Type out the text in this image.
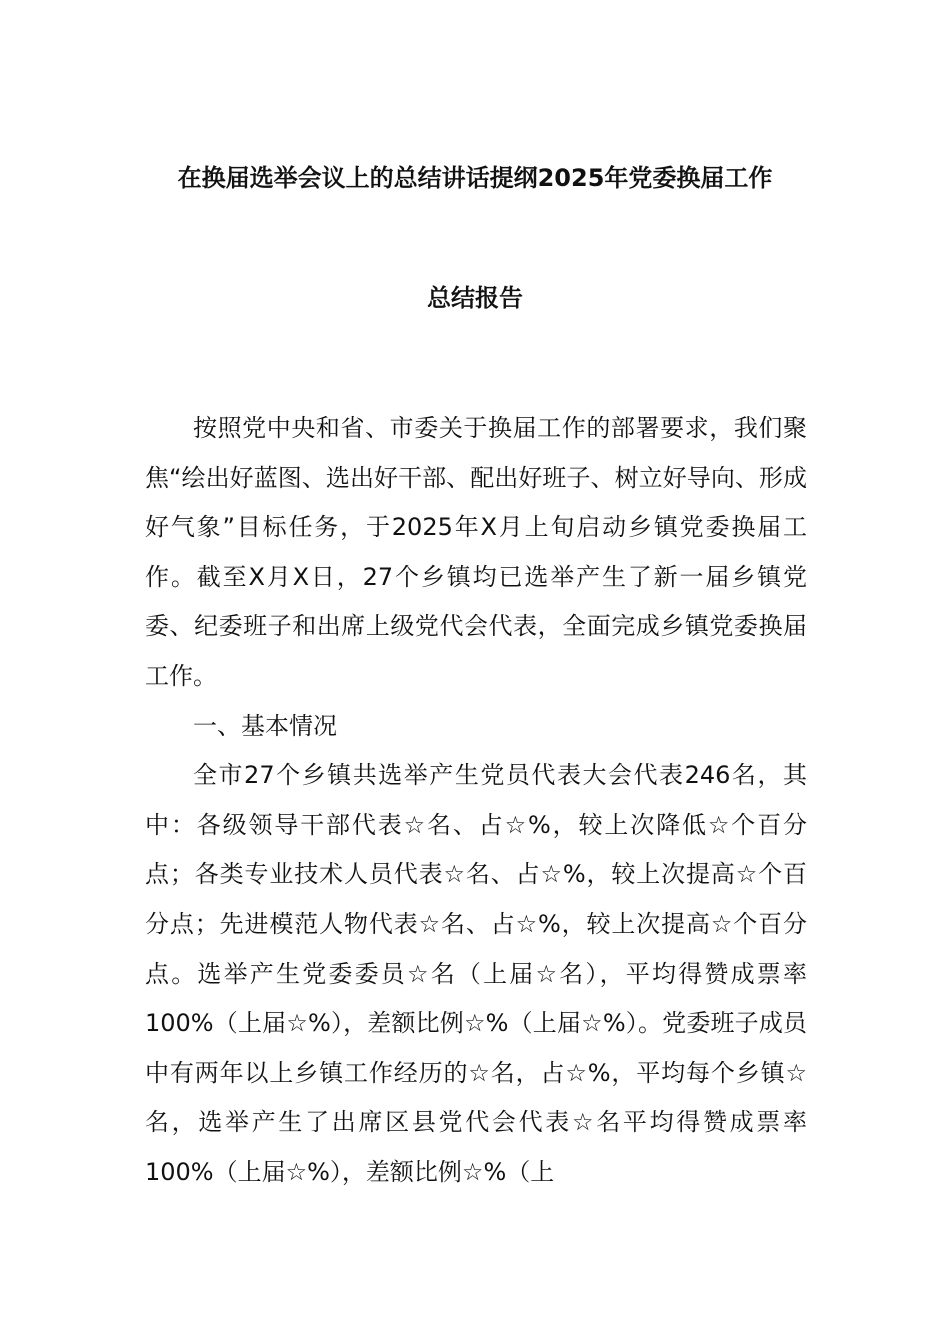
在换届选举会议上的总结讲话提纲2025年党委换届工作
总结报告

按照党中央和省、市委关于换届工作的部署要求，我们聚焦“绘出好蓝图、选出好干部、配出好班子、树立好导向、形成好气象”目标任务，于2025年X月上旬启动乡镇党委换届工作。截至X月X日，27个乡镇均已选举产生了新一届乡镇党委、纪委班子和出席上级党代会代表，全面完成乡镇党委换届工作。

一、基本情况

全市27个乡镇共选举产生党员代表大会代表246名，其中：各级领导干部代表☆名、占☆%，较上次降低☆个百分点；各类专业技术人员代表☆名、占☆%，较上次提高☆个百分点；先进模范人物代表☆名、占☆%，较上次提高☆个百分点。选举产生党委委员☆名（上届☆名），平均得赞成票率100%（上届☆%），差额比例☆%（上届☆%）。党委班子成员中有两年以上乡镇工作经历的☆名，占☆%，平均每个乡镇☆名，选举产生了出席区县党代会代表☆名平均得赞成票率100%（上届☆%），差额比例☆%（上
